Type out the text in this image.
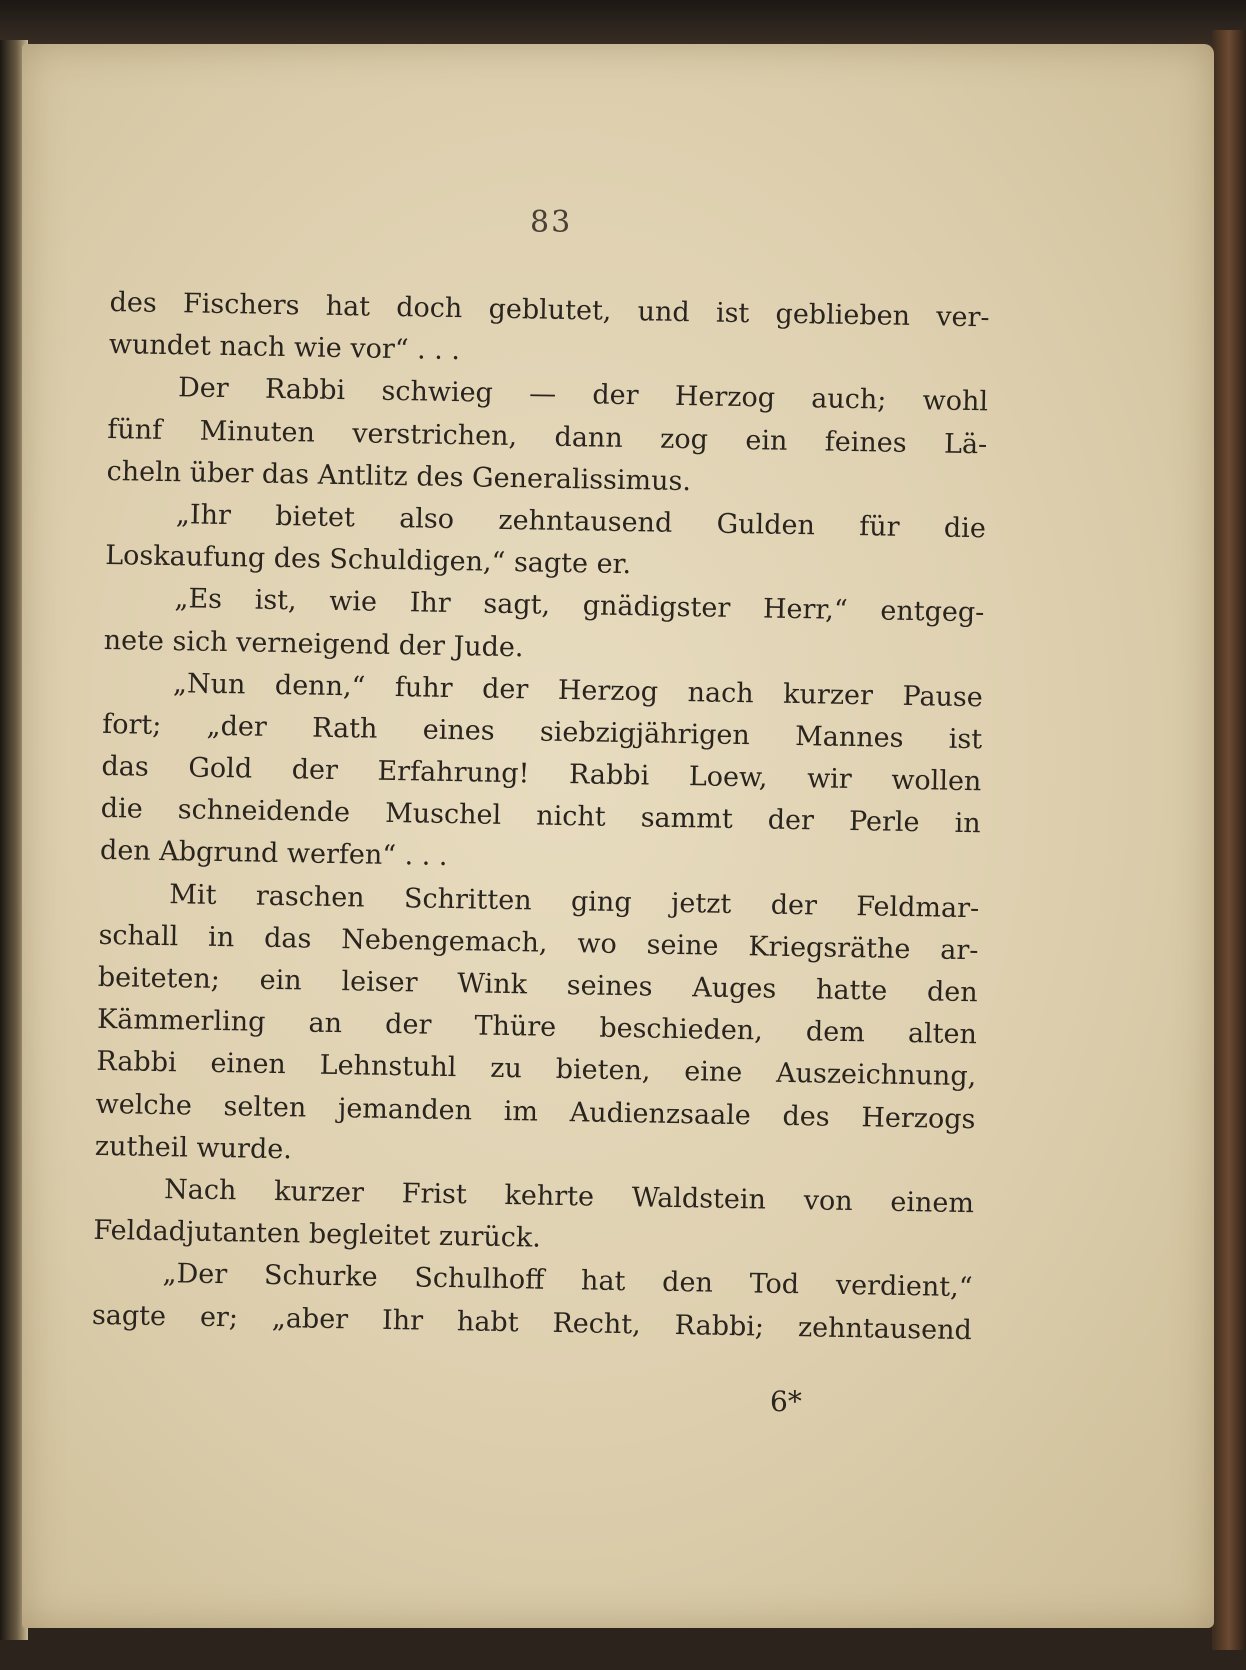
83
des Fischers hat doch geblutet, und ist geblieben ver-
wundet nach wie vor“ . . .
Der Rabbi schwieg — der Herzog auch; wohl
fünf Minuten verstrichen, dann zog ein feines Lä-
cheln über das Antlitz des Generalissimus.
„Ihr bietet also zehntausend Gulden für die
Loskaufung des Schuldigen,“ sagte er.
„Es ist, wie Ihr sagt, gnädigster Herr,“ entgeg-
nete sich verneigend der Jude.
„Nun denn,“ fuhr der Herzog nach kurzer Pause
fort; „der Rath eines siebzigjährigen Mannes ist
das Gold der Erfahrung! Rabbi Loew, wir wollen
die schneidende Muschel nicht sammt der Perle in
den Abgrund werfen“ . . .
Mit raschen Schritten ging jetzt der Feldmar-
schall in das Nebengemach, wo seine Kriegsräthe ar-
beiteten; ein leiser Wink seines Auges hatte den
Kämmerling an der Thüre beschieden, dem alten
Rabbi einen Lehnstuhl zu bieten, eine Auszeichnung,
welche selten jemanden im Audienzsaale des Herzogs
zutheil wurde.
Nach kurzer Frist kehrte Waldstein von einem
Feldadjutanten begleitet zurück.
„Der Schurke Schulhoff hat den Tod verdient,“
sagte er; „aber Ihr habt Recht, Rabbi; zehntausend
6*
